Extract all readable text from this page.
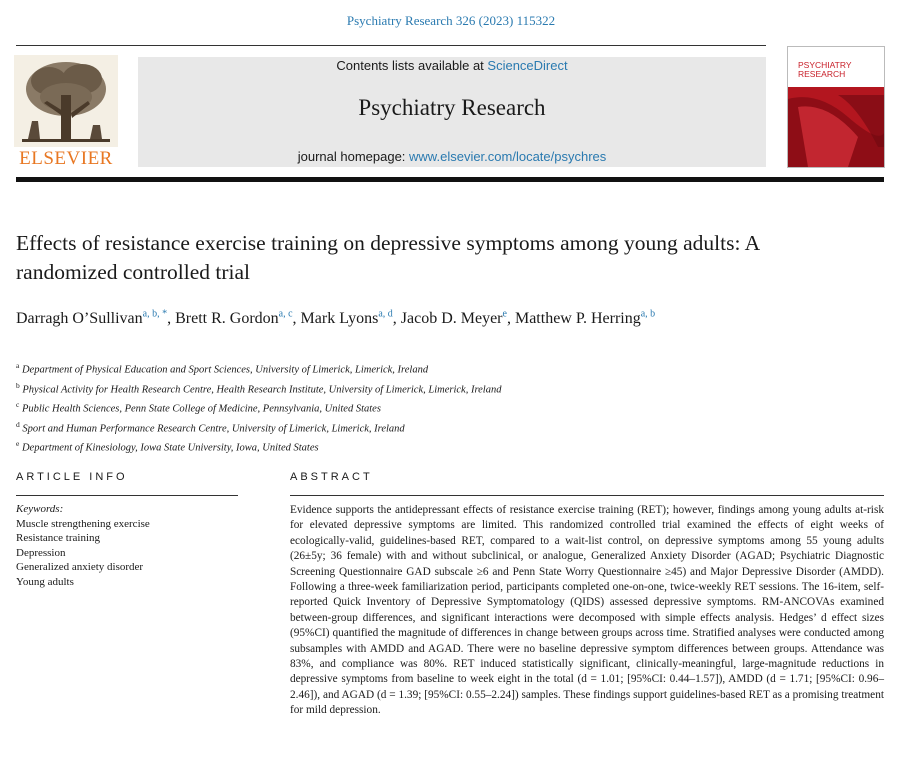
Psychiatry Research 326 (2023) 115322
ELSEVIER
Contents lists available at ScienceDirect
Psychiatry Research
journal homepage: www.elsevier.com/locate/psychres
PSYCHIATRY
RESEARCH
Effects of resistance exercise training on depressive symptoms among young adults: A randomized controlled trial
Darragh O’Sullivan$^{a, b, *}$, Brett R. Gordon$^{a, c}$, Mark Lyons$^{a, d}$, Jacob D. Meyer$^e$, Matthew P. Herring$^{a, b}$
$^a$ Department of Physical Education and Sport Sciences, University of Limerick, Limerick, Ireland
$^b$ Physical Activity for Health Research Centre, Health Research Institute, University of Limerick, Limerick, Ireland
$^c$ Public Health Sciences, Penn State College of Medicine, Pennsylvania, United States
$^d$ Sport and Human Performance Research Centre, University of Limerick, Limerick, Ireland
$^e$ Department of Kinesiology, Iowa State University, Iowa, United States
ARTICLE INFO	ABSTRACT
Keywords:
Muscle strengthening exercise
Resistance training
Depression
Generalized anxiety disorder
Young adults
Evidence supports the antidepressant effects of resistance exercise training (RET); however, findings among young adults at-risk for elevated depressive symptoms are limited. This randomized controlled trial examined the effects of eight weeks of ecologically-valid, guidelines-based RET, compared to a wait-list control, on depressive symptoms among 55 young adults (26±5y; 36 female) with and without subclinical, or analogue, Generalized Anxiety Disorder (AGAD; Psychiatric Diagnostic Screening Questionnaire GAD subscale ≥6 and Penn State Worry Questionnaire ≥45) and Major Depressive Disorder (AMDD). Following a three-week familiarization period, participants completed one-on-one, twice-weekly RET sessions. The 16-item, self-reported Quick Inventory of Depressive Symptomatology (QIDS) assessed depressive symptoms. RM-ANCOVAs examined between-group differences, and significant interactions were decomposed with simple effects analysis. Hedges’ d effect sizes (95%CI) quantified the magnitude of differences in change between groups across time. Stratified analyses were conducted among subsamples with AMDD and AGAD. There were no baseline depressive symptom differences between groups. Attendance was 83%, and compliance was 80%. RET induced statistically significant, clinically-meaningful, large-magnitude reductions in depressive symptoms from baseline to week eight in the total (d = 1.01; [95%CI: 0.44–1.57]), AMDD (d = 1.71; [95%CI: 0.96–2.46]), and AGAD (d = 1.39; [95%CI: 0.55–2.24]) samples. These findings support guidelines-based RET as a promising treatment for mild depression.
